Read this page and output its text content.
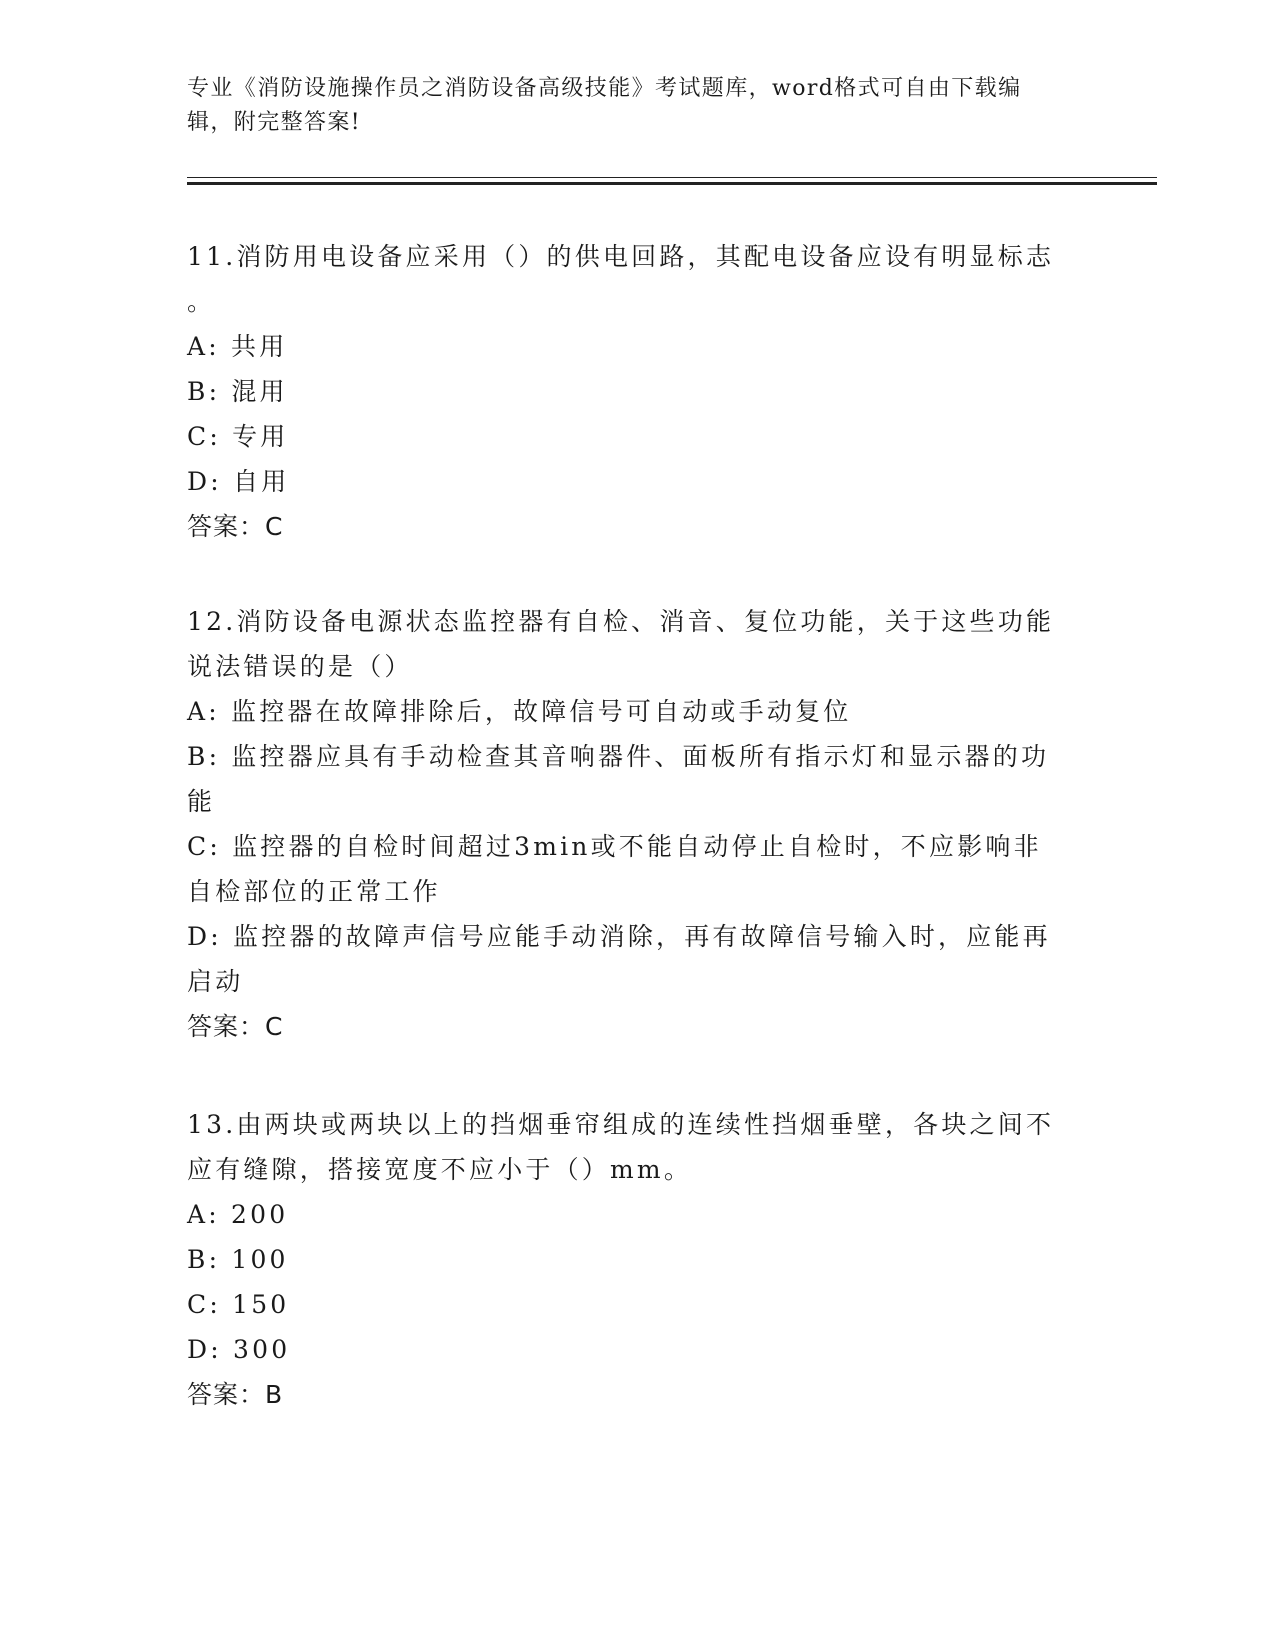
专业《消防设施操作员之消防设备高级技能》考试题库，word格式可自由下载编
辑，附完整答案!

11.消防用电设备应采用（）的供电回路，其配电设备应设有明显标志

。

A: 共用

B: 混用

C: 专用

D: 自用

答案：C

12.消防设备电源状态监控器有自检、消音、复位功能，关于这些功能

说法错误的是（）

A: 监控器在故障排除后，故障信号可自动或手动复位

B: 监控器应具有手动检查其音响器件、面板所有指示灯和显示器的功

能

C: 监控器的自检时间超过3min或不能自动停止自检时，不应影响非

自检部位的正常工作

D: 监控器的故障声信号应能手动消除，再有故障信号输入时，应能再

启动

答案：C

13.由两块或两块以上的挡烟垂帘组成的连续性挡烟垂壁，各块之间不

应有缝隙，搭接宽度不应小于（）mm。

A: 200

B: 100

C: 150

D: 300

答案：B
